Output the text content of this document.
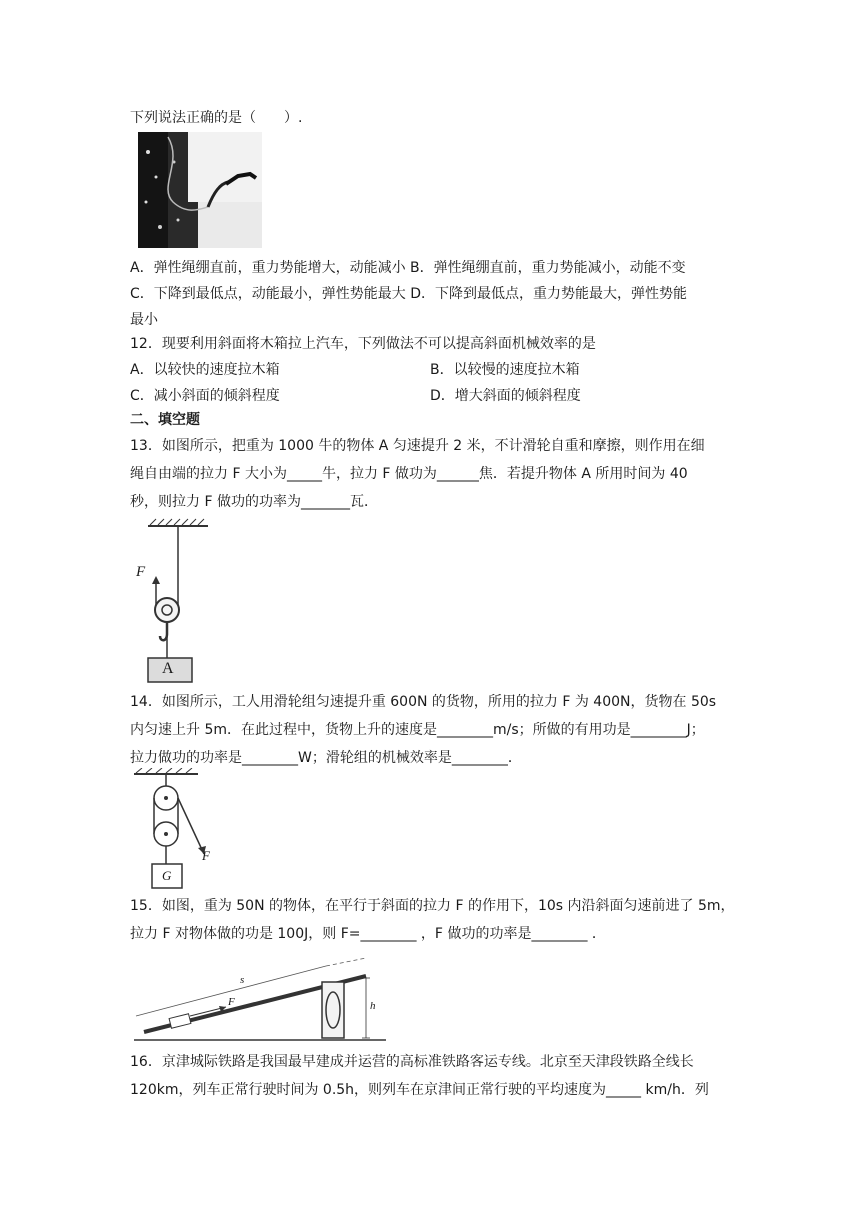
下列说法正确的是（　　）.
A．弹性绳绷直前，重力势能增大，动能减小 B．弹性绳绷直前，重力势能减小，动能不变
C．下降到最低点，动能最小，弹性势能最大 D．下降到最低点，重力势能最大，弹性势能
最小
12．现要利用斜面将木箱拉上汽车，下列做法不可以提高斜面机械效率的是
A．以较快的速度拉木箱	B．以较慢的速度拉木箱
C．减小斜面的倾斜程度	D．增大斜面的倾斜程度
二、填空题
13．如图所示，把重为 1000 牛的物体 A 匀速提升 2 米，不计滑轮自重和摩擦，则作用在细
绳自由端的拉力 F 大小为_____牛，拉力 F 做功为______焦．若提升物体 A 所用时间为 40
秒，则拉力 F 做功的功率为_______瓦．
F
A
14．如图所示，工人用滑轮组匀速提升重 600N 的货物，所用的拉力 F 为 400N，货物在 50s
内匀速上升 5m．在此过程中，货物上升的速度是________m/s；所做的有用功是________J；
拉力做功的功率是________W；滑轮组的机械效率是________．
F
G
15．如图，重为 50N 的物体，在平行于斜面的拉力 F 的作用下，10s 内沿斜面匀速前进了 5m，
拉力 F 对物体做的功是 100J，则 F=________ ，F 做功的功率是________ ．
s
F	h
16．京津城际铁路是我国最早建成并运营的高标准铁路客运专线。北京至天津段铁路全线长
120km，列车正常行驶时间为 0.5h，则列车在京津间正常行驶的平均速度为_____ km/h．列
